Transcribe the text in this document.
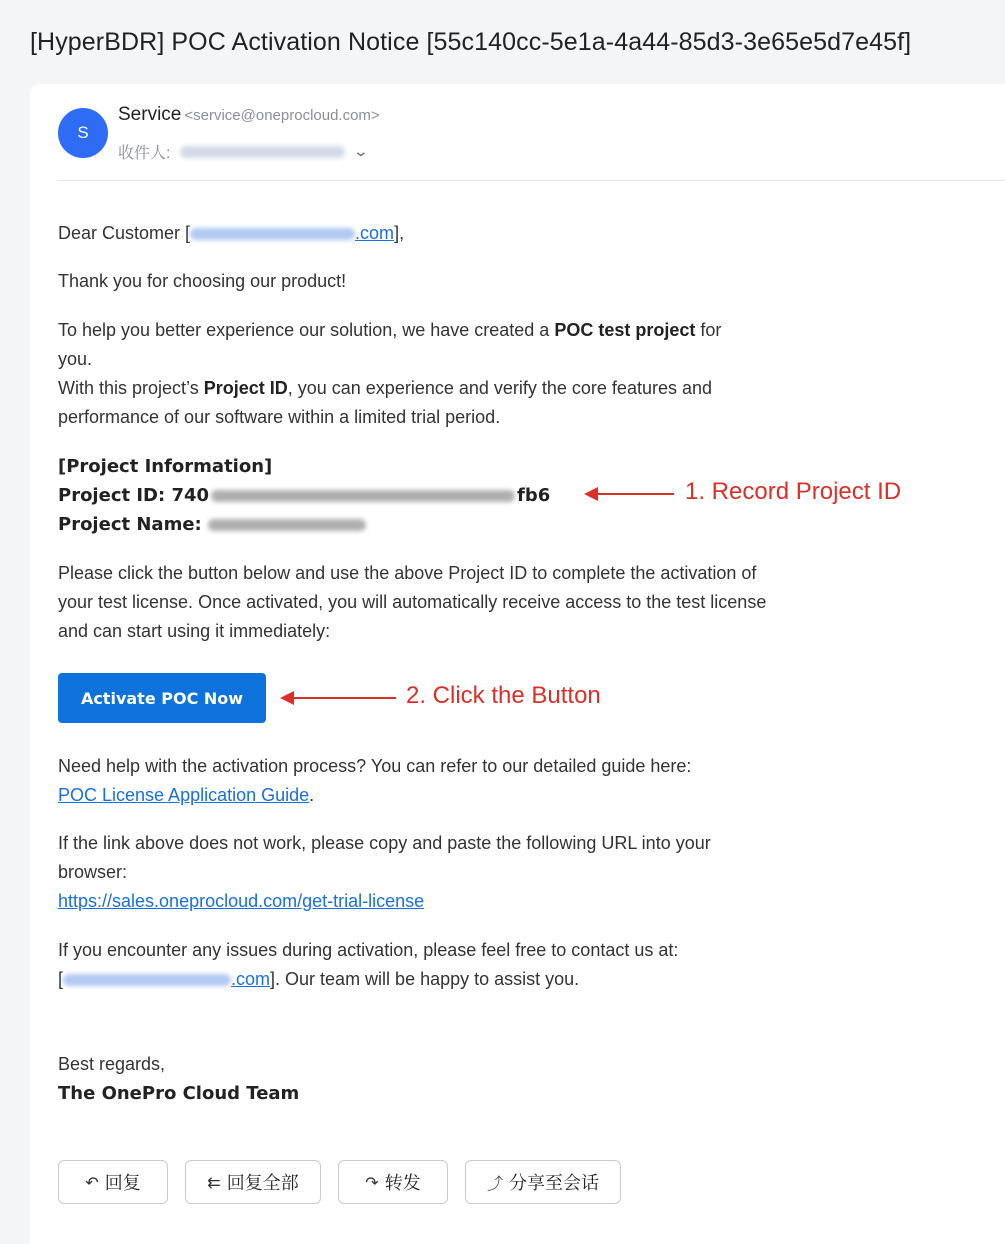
[HyperBDR] POC Activation Notice [55c140cc-5e1a-4a44-85d3-3e65e5d7e45f]
S
Service <service@oneprocloud.com>
收件人:	⌄
Dear Customer [	.com],
Thank you for choosing our product!
To help you better experience our solution, we have created a POC test project for
you.
With this project’s Project ID, you can experience and verify the core features and
performance of our software within a limited trial period.
[Project Information]
Project ID: 740	fb6
Project Name:
1. Record Project ID
Please click the button below and use the above Project ID to complete the activation of
your test license. Once activated, you will automatically receive access to the test license
and can start using it immediately:
Activate POC Now	2. Click the Button
Need help with the activation process? You can refer to our detailed guide here:
POC License Application Guide.
If the link above does not work, please copy and paste the following URL into your
browser:
https://sales.oneprocloud.com/get-trial-license
If you encounter any issues during activation, please feel free to contact us at:
[	.com]. Our team will be happy to assist you.
Best regards,
The OnePro Cloud Team
↶ 回复	⇇ 回复全部	↷ 转发	⤴ 分享至会话
